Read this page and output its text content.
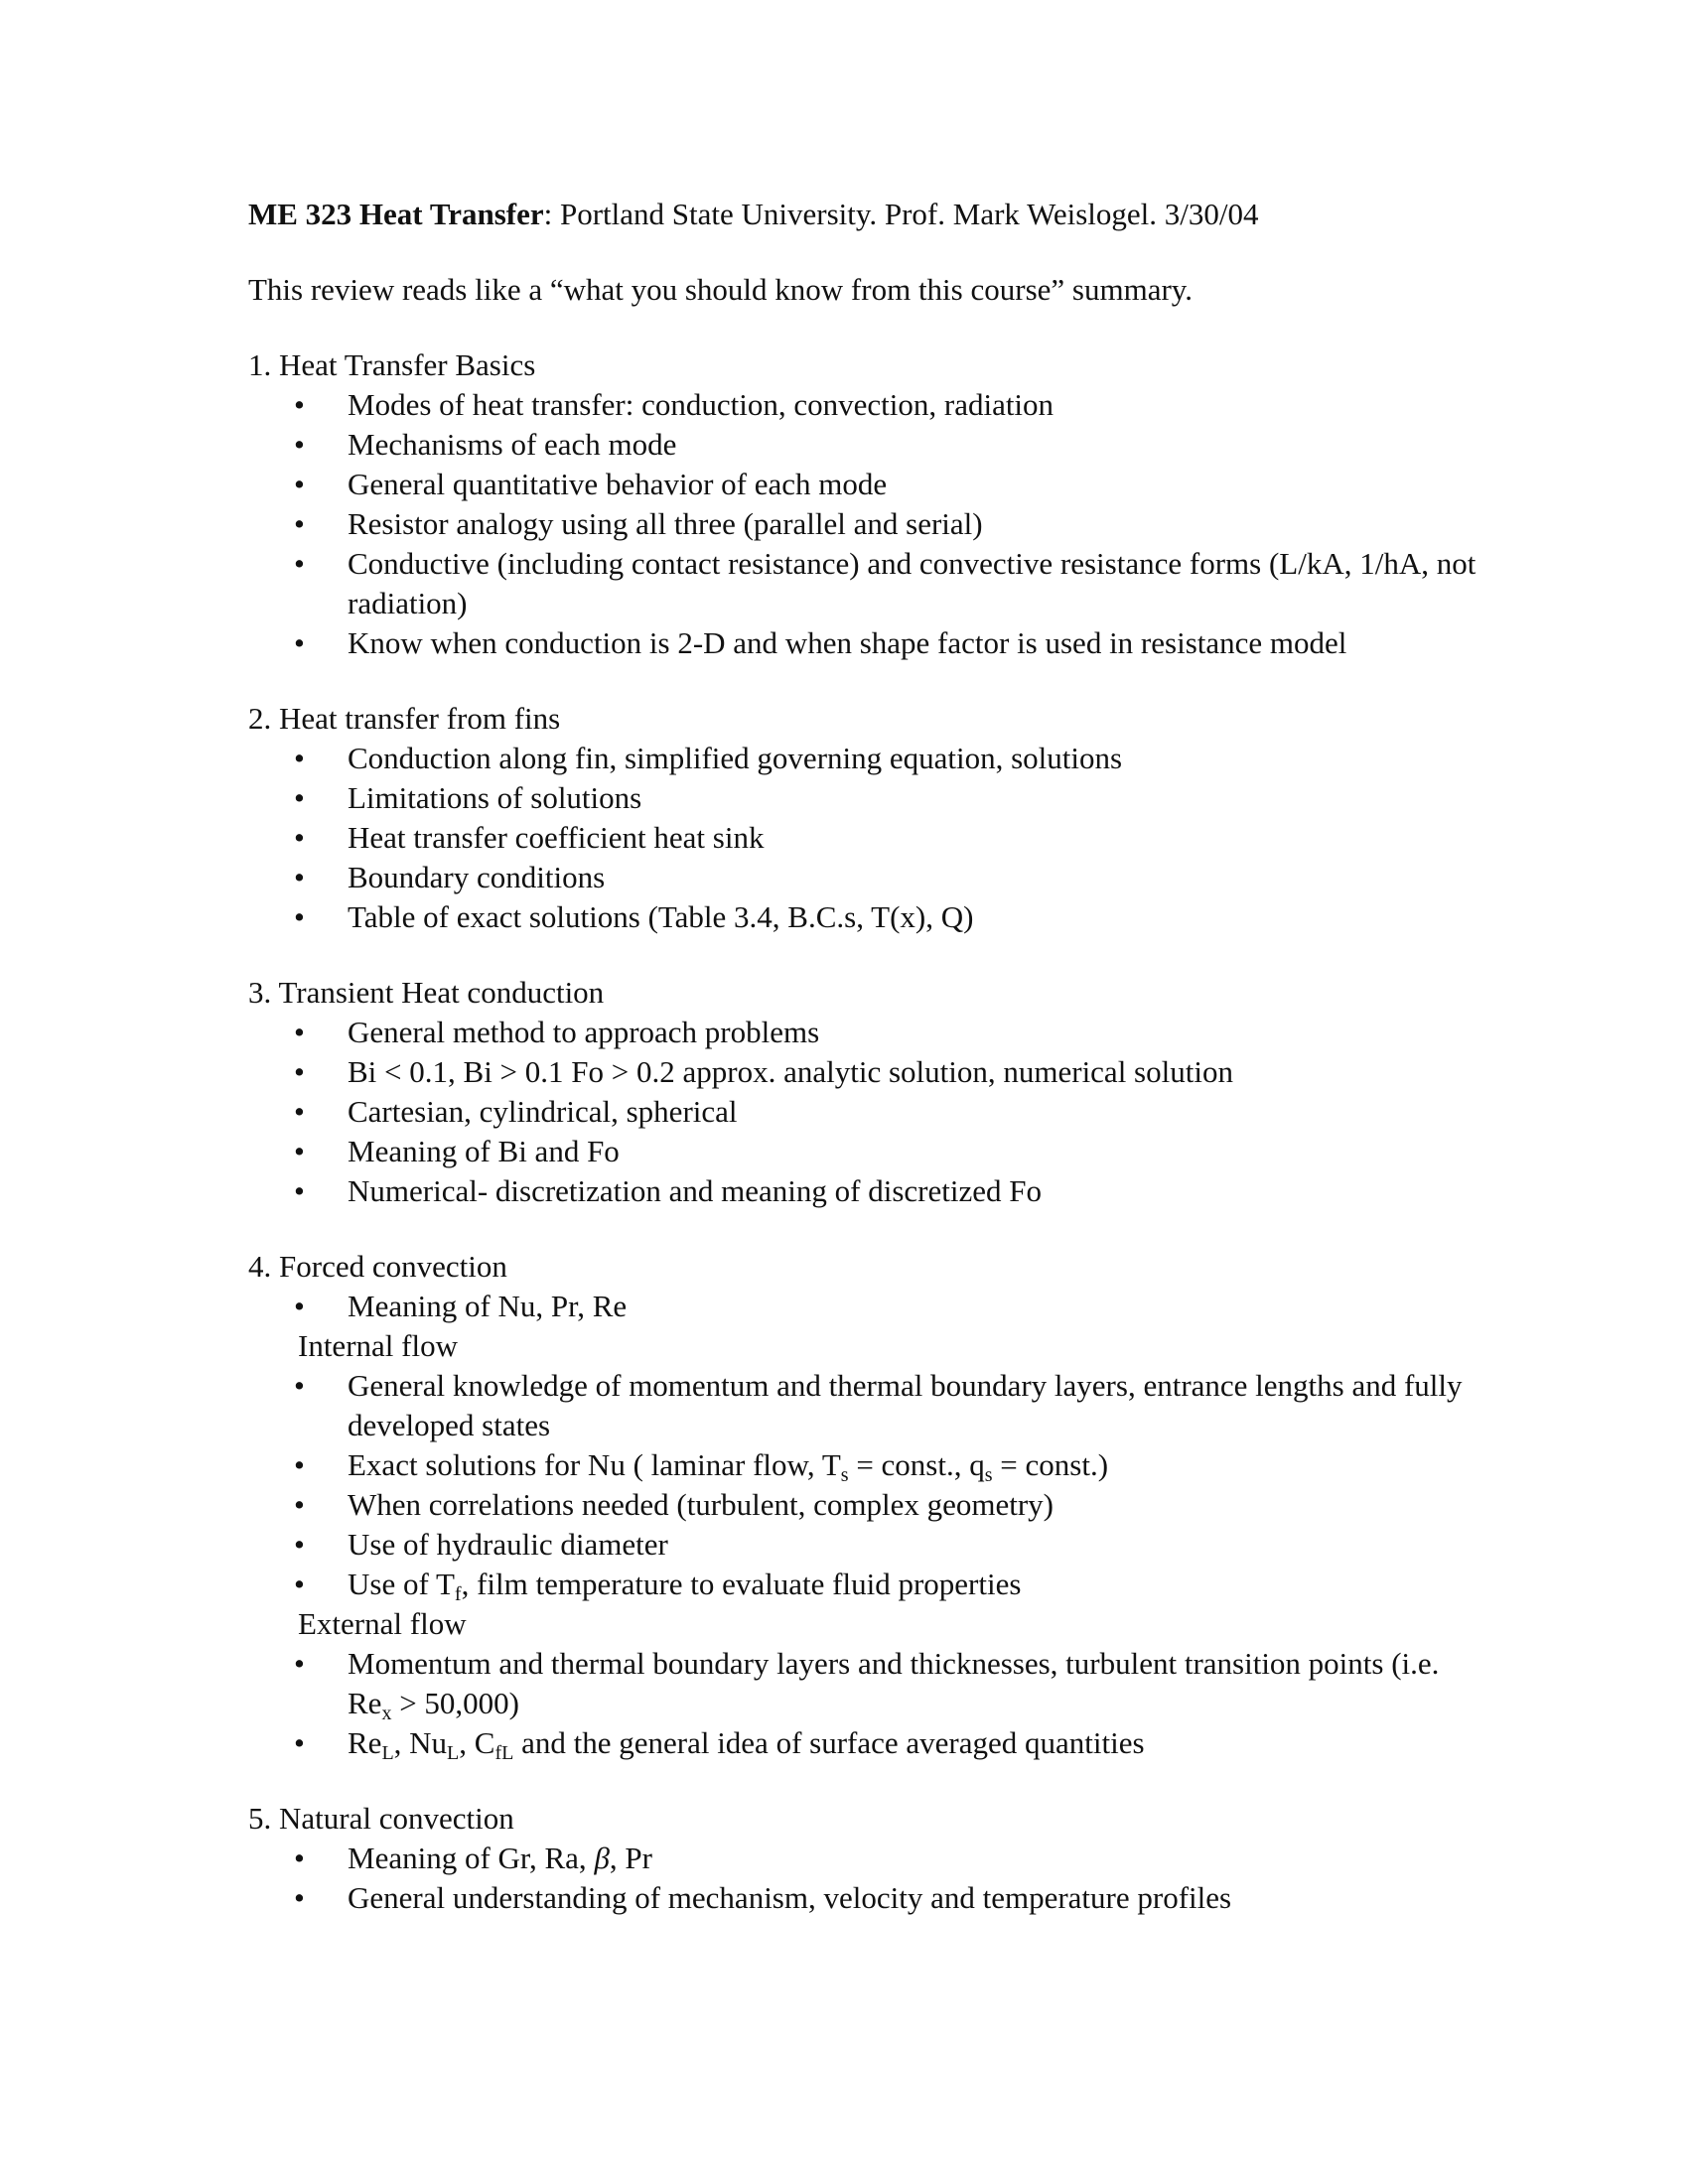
ME 323 Heat Transfer: Portland State University. Prof. Mark Weislogel. 3/30/04
This review reads like a “what you should know from this course” summary.
1. Heat Transfer Basics
• Modes of heat transfer: conduction, convection, radiation
• Mechanisms of each mode
• General quantitative behavior of each mode
• Resistor analogy using all three (parallel and serial)
• Conductive (including contact resistance) and convective resistance forms (L/kA, 1/hA, not radiation)
• Know when conduction is 2-D and when shape factor is used in resistance model
2. Heat transfer from fins
• Conduction along fin, simplified governing equation, solutions
• Limitations of solutions
• Heat transfer coefficient heat sink
• Boundary conditions
• Table of exact solutions (Table 3.4, B.C.s, T(x), Q)
3. Transient Heat conduction
• General method to approach problems
• Bi < 0.1, Bi > 0.1 Fo > 0.2 approx. analytic solution, numerical solution
• Cartesian, cylindrical, spherical
• Meaning of Bi and Fo
• Numerical- discretization and meaning of discretized Fo
4. Forced convection
• Meaning of Nu, Pr, Re
Internal flow
• General knowledge of momentum and thermal boundary layers, entrance lengths and fully developed states
• Exact solutions for Nu ( laminar flow, $T_s$ = const., $q_s$ = const.)
• When correlations needed (turbulent, complex geometry)
• Use of hydraulic diameter
• Use of $T_f$, film temperature to evaluate fluid properties
External flow
• Momentum and thermal boundary layers and thicknesses, turbulent transition points (i.e. $Re_x > 50,000$)
• $Re_L$, $Nu_L$, $C_{fL}$ and the general idea of surface averaged quantities
5. Natural convection
• Meaning of Gr, Ra, β, Pr
• General understanding of mechanism, velocity and temperature profiles
